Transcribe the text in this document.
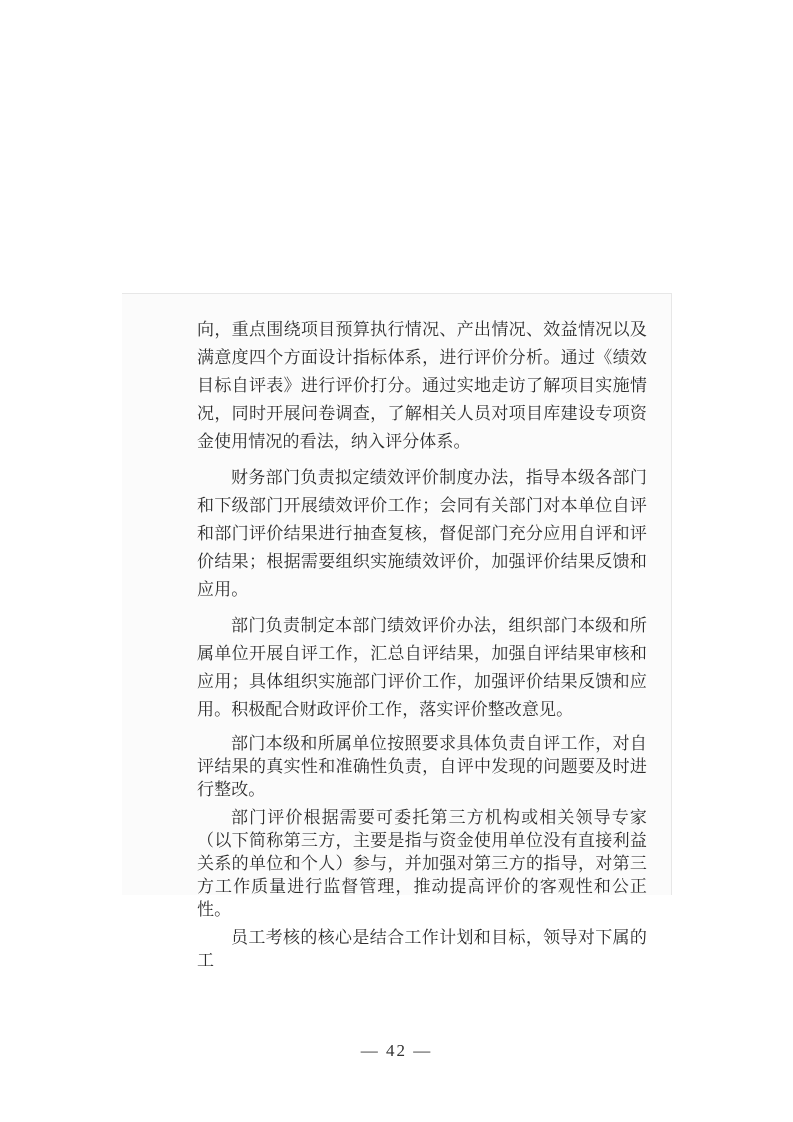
向，重点围绕项目预算执行情况、产出情况、效益情况以及满意度四个方面设计指标体系，进行评价分析。通过《绩效目标自评表》进行评价打分。通过实地走访了解项目实施情况，同时开展问卷调查，了解相关人员对项目库建设专项资金使用情况的看法，纳入评分体系。

财务部门负责拟定绩效评价制度办法，指导本级各部门和下级部门开展绩效评价工作；会同有关部门对本单位自评和部门评价结果进行抽查复核，督促部门充分应用自评和评价结果；根据需要组织实施绩效评价，加强评价结果反馈和应用。

部门负责制定本部门绩效评价办法，组织部门本级和所属单位开展自评工作，汇总自评结果，加强自评结果审核和应用；具体组织实施部门评价工作，加强评价结果反馈和应用。积极配合财政评价工作，落实评价整改意见。

部门本级和所属单位按照要求具体负责自评工作，对自评结果的真实性和准确性负责，自评中发现的问题要及时进行整改。

部门评价根据需要可委托第三方机构或相关领导专家（以下简称第三方，主要是指与资金使用单位没有直接利益关系的单位和个人）参与，并加强对第三方的指导，对第三方工作质量进行监督管理，推动提高评价的客观性和公正性。

员工考核的核心是结合工作计划和目标，领导对下属的工

— 42 —
